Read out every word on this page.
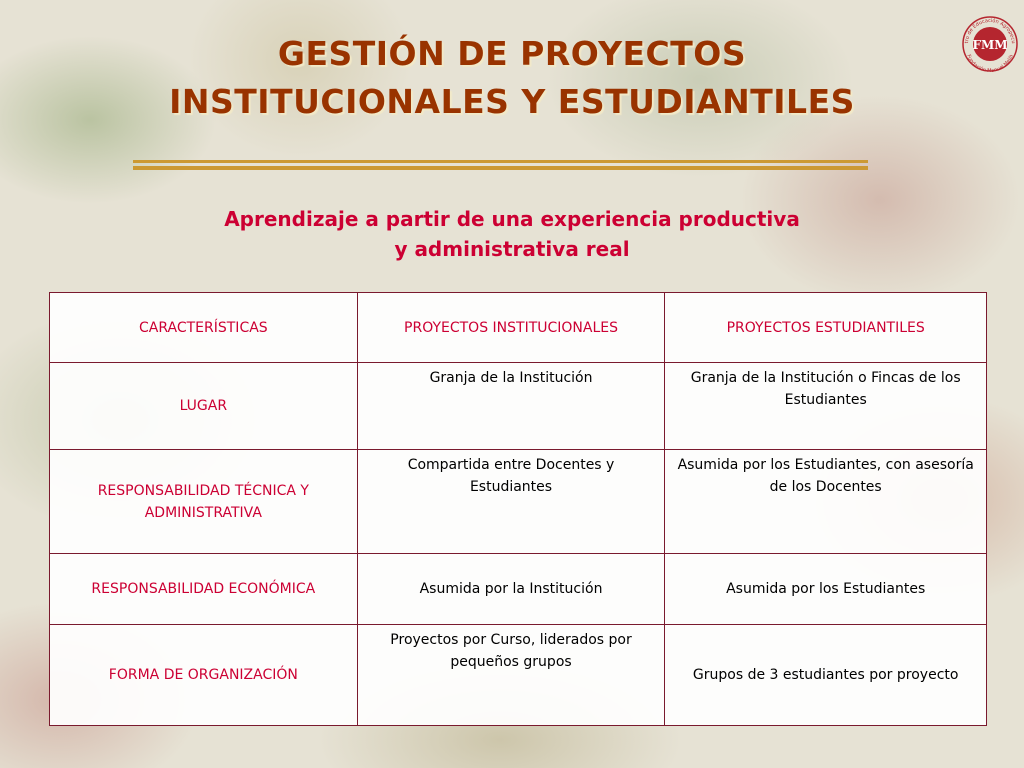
GESTIÓN DE PROYECTOS
INSTITUCIONALES Y ESTUDIANTILES
Aprendizaje a partir de una experiencia productiva
y administrativa real
tro de Educación Agropecu
Fundación Manuel Mejía
FMM
CARACTERÍSTICAS	PROYECTOS INSTITUCIONALES	PROYECTOS ESTUDIANTILES
LUGAR	Granja de la Institución	Granja de la Institución o Fincas de los Estudiantes
RESPONSABILIDAD TÉCNICA Y ADMINISTRATIVA	Compartida entre Docentes y Estudiantes	Asumida por los Estudiantes, con asesoría de los Docentes
RESPONSABILIDAD ECONÓMICA	Asumida por la Institución	Asumida por los Estudiantes
FORMA DE ORGANIZACIÓN	Proyectos por Curso, liderados por pequeños grupos	Grupos de 3 estudiantes por proyecto
